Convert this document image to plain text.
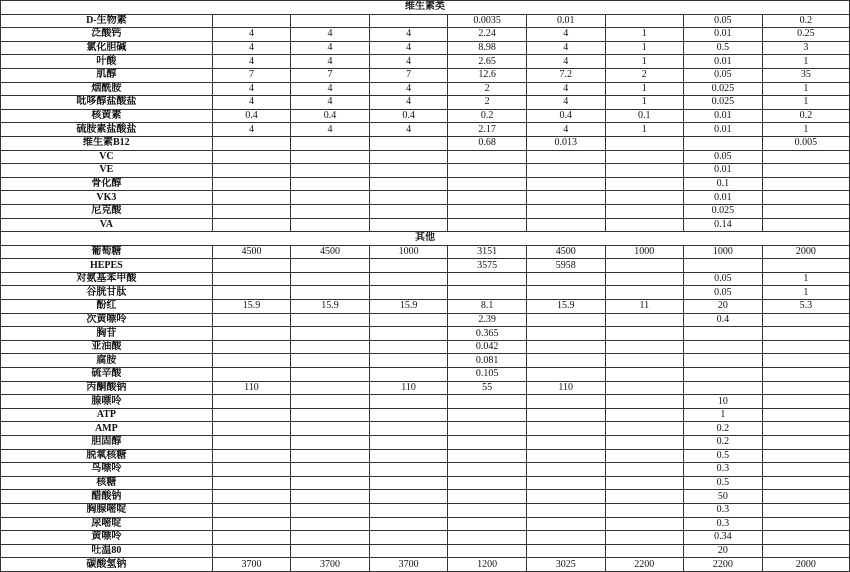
维生素类								
D-生物素				0.0035	0.01		0.05	0.2
泛酸钙	4	4	4	2.24	4	1	0.01	0.25
氯化胆碱	4	4	4	8.98	4	1	0.5	3
叶酸	4	4	4	2.65	4	1	0.01	1
肌醇	7	7	7	12.6	7.2	2	0.05	35
烟酰胺	4	4	4	2	4	1	0.025	1
吡哆醇盐酸盐	4	4	4	2	4	1	0.025	1
核黄素	0.4	0.4	0.4	0.2	0.4	0.1	0.01	0.2
硫胺素盐酸盐	4	4	4	2.17	4	1	0.01	1
维生素B12				0.68	0.013			0.005
VC							0.05	
VE							0.01	
骨化醇							0.1	
VK3							0.01	
尼克酸							0.025	
VA							0.14	
其他								
葡萄糖	4500	4500	1000	3151	4500	1000	1000	2000
HEPES				3575	5958			
对氨基苯甲酸							0.05	1
谷胱甘肽							0.05	1
酚红	15.9	15.9	15.9	8.1	15.9	11	20	5.3
次黄嘌呤				2.39			0.4	
胸苷				0.365				
亚油酸				0.042				
腐胺				0.081				
硫辛酸				0.105				
丙酮酸钠	110		110	55	110			
腺嘌呤							10	
ATP							1	
AMP							0.2	
胆固醇							0.2	
脱氧核糖							0.5	
鸟嘌呤							0.3	
核糖							0.5	
醋酸钠							50	
胸腺嘧啶							0.3	
尿嘧啶							0.3	
黄嘌呤							0.34	
吐温80							20	
碳酸氢钠	3700	3700	3700	1200	3025	2200	2200	2000
